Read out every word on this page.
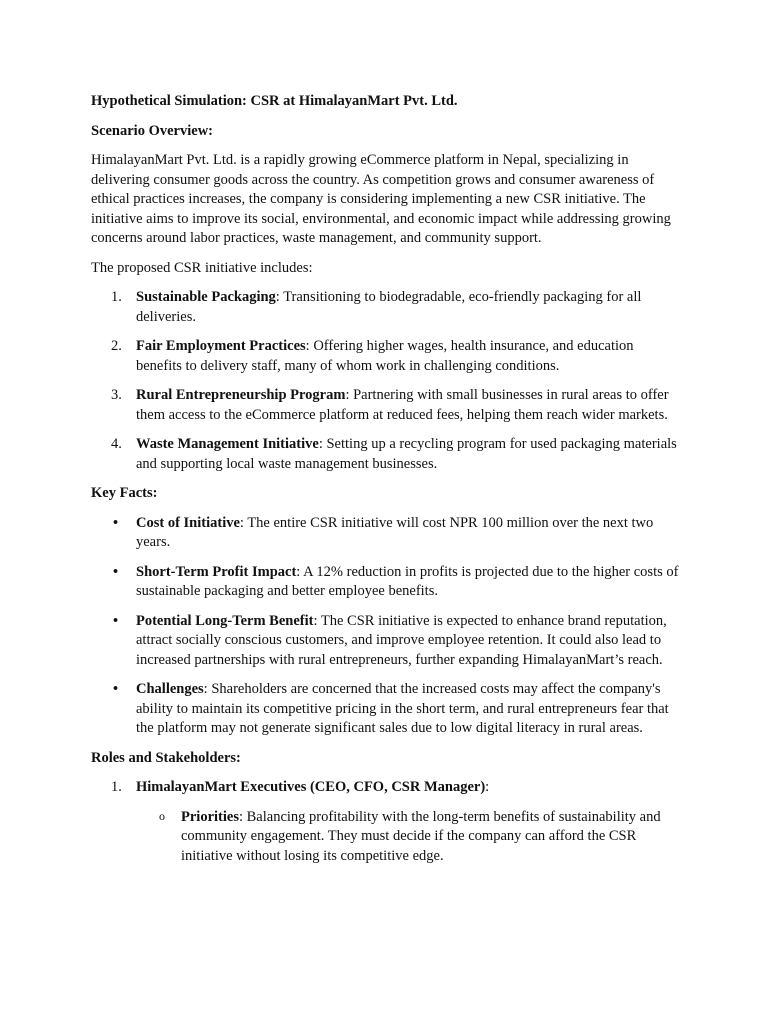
Hypothetical Simulation: CSR at HimalayanMart Pvt. Ltd.

Scenario Overview:

HimalayanMart Pvt. Ltd. is a rapidly growing eCommerce platform in Nepal, specializing in delivering consumer goods across the country. As competition grows and consumer awareness of ethical practices increases, the company is considering implementing a new CSR initiative. The initiative aims to improve its social, environmental, and economic impact while addressing growing concerns around labor practices, waste management, and community support.

The proposed CSR initiative includes:

1. Sustainable Packaging: Transitioning to biodegradable, eco-friendly packaging for all deliveries.
2. Fair Employment Practices: Offering higher wages, health insurance, and education benefits to delivery staff, many of whom work in challenging conditions.
3. Rural Entrepreneurship Program: Partnering with small businesses in rural areas to offer them access to the eCommerce platform at reduced fees, helping them reach wider markets.
4. Waste Management Initiative: Setting up a recycling program for used packaging materials and supporting local waste management businesses.

Key Facts:

• Cost of Initiative: The entire CSR initiative will cost NPR 100 million over the next two years.
• Short-Term Profit Impact: A 12% reduction in profits is projected due to the higher costs of sustainable packaging and better employee benefits.
• Potential Long-Term Benefit: The CSR initiative is expected to enhance brand reputation, attract socially conscious customers, and improve employee retention. It could also lead to increased partnerships with rural entrepreneurs, further expanding HimalayanMart’s reach.
• Challenges: Shareholders are concerned that the increased costs may affect the company's ability to maintain its competitive pricing in the short term, and rural entrepreneurs fear that the platform may not generate significant sales due to low digital literacy in rural areas.

Roles and Stakeholders:

1. HimalayanMart Executives (CEO, CFO, CSR Manager):
o Priorities: Balancing profitability with the long-term benefits of sustainability and community engagement. They must decide if the company can afford the CSR initiative without losing its competitive edge.
